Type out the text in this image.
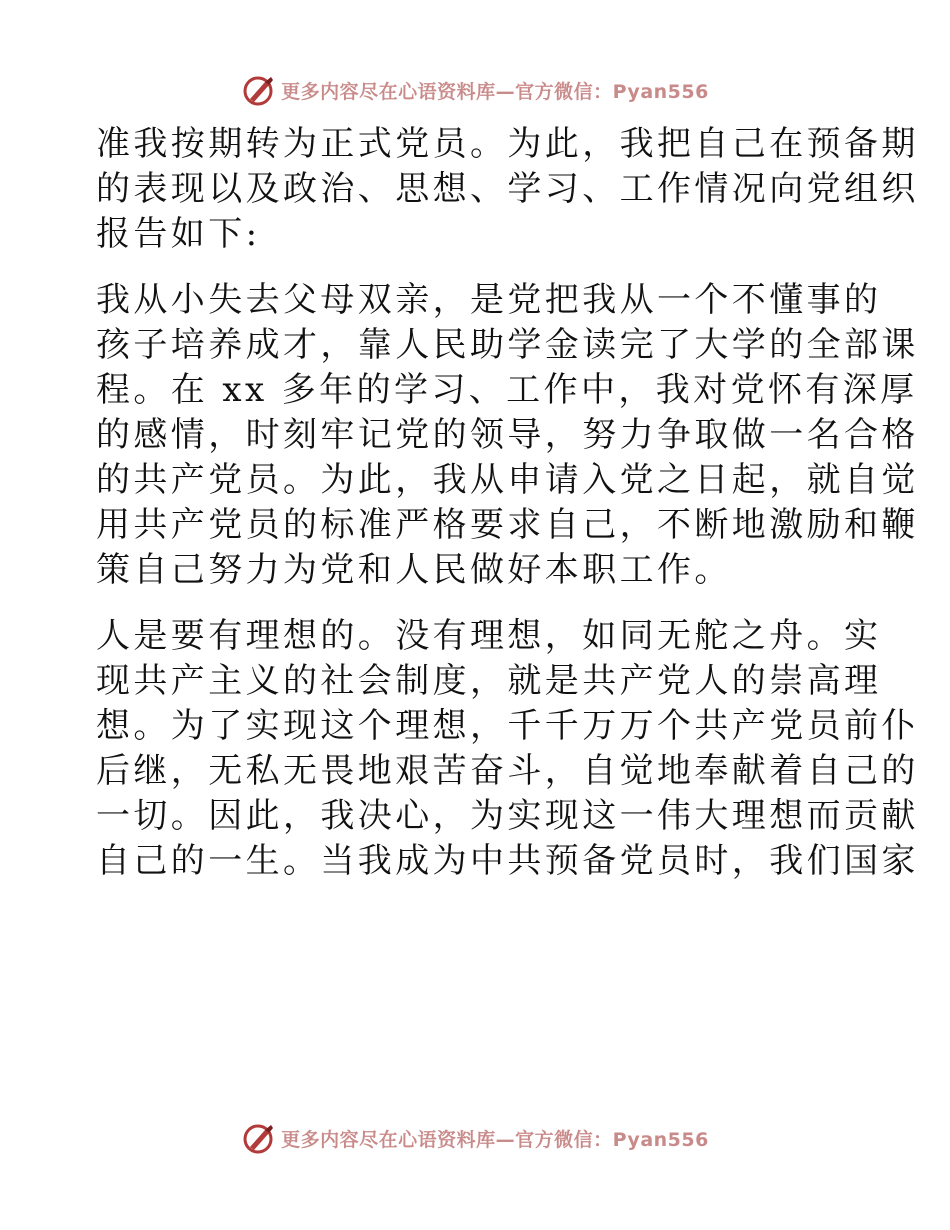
更多内容尽在心语资料库—官方微信：Pyan556

准我按期转为正式党员。为此，我把自己在预备期
的表现以及政治、思想、学习、工作情况向党组织
报告如下:

我从小失去父母双亲，是党把我从一个不懂事的
孩子培养成才，靠人民助学金读完了大学的全部课
程。在 xx 多年的学习、工作中，我对党怀有深厚
的感情，时刻牢记党的领导，努力争取做一名合格
的共产党员。为此，我从申请入党之日起，就自觉
用共产党员的标准严格要求自己，不断地激励和鞭
策自己努力为党和人民做好本职工作。

人是要有理想的。没有理想，如同无舵之舟。实
现共产主义的社会制度，就是共产党人的崇高理
想。为了实现这个理想，千千万万个共产党员前仆
后继，无私无畏地艰苦奋斗，自觉地奉献着自己的
一切。因此，我决心，为实现这一伟大理想而贡献
自己的一生。当我成为中共预备党员时，我们国家

更多内容尽在心语资料库—官方微信：Pyan556
